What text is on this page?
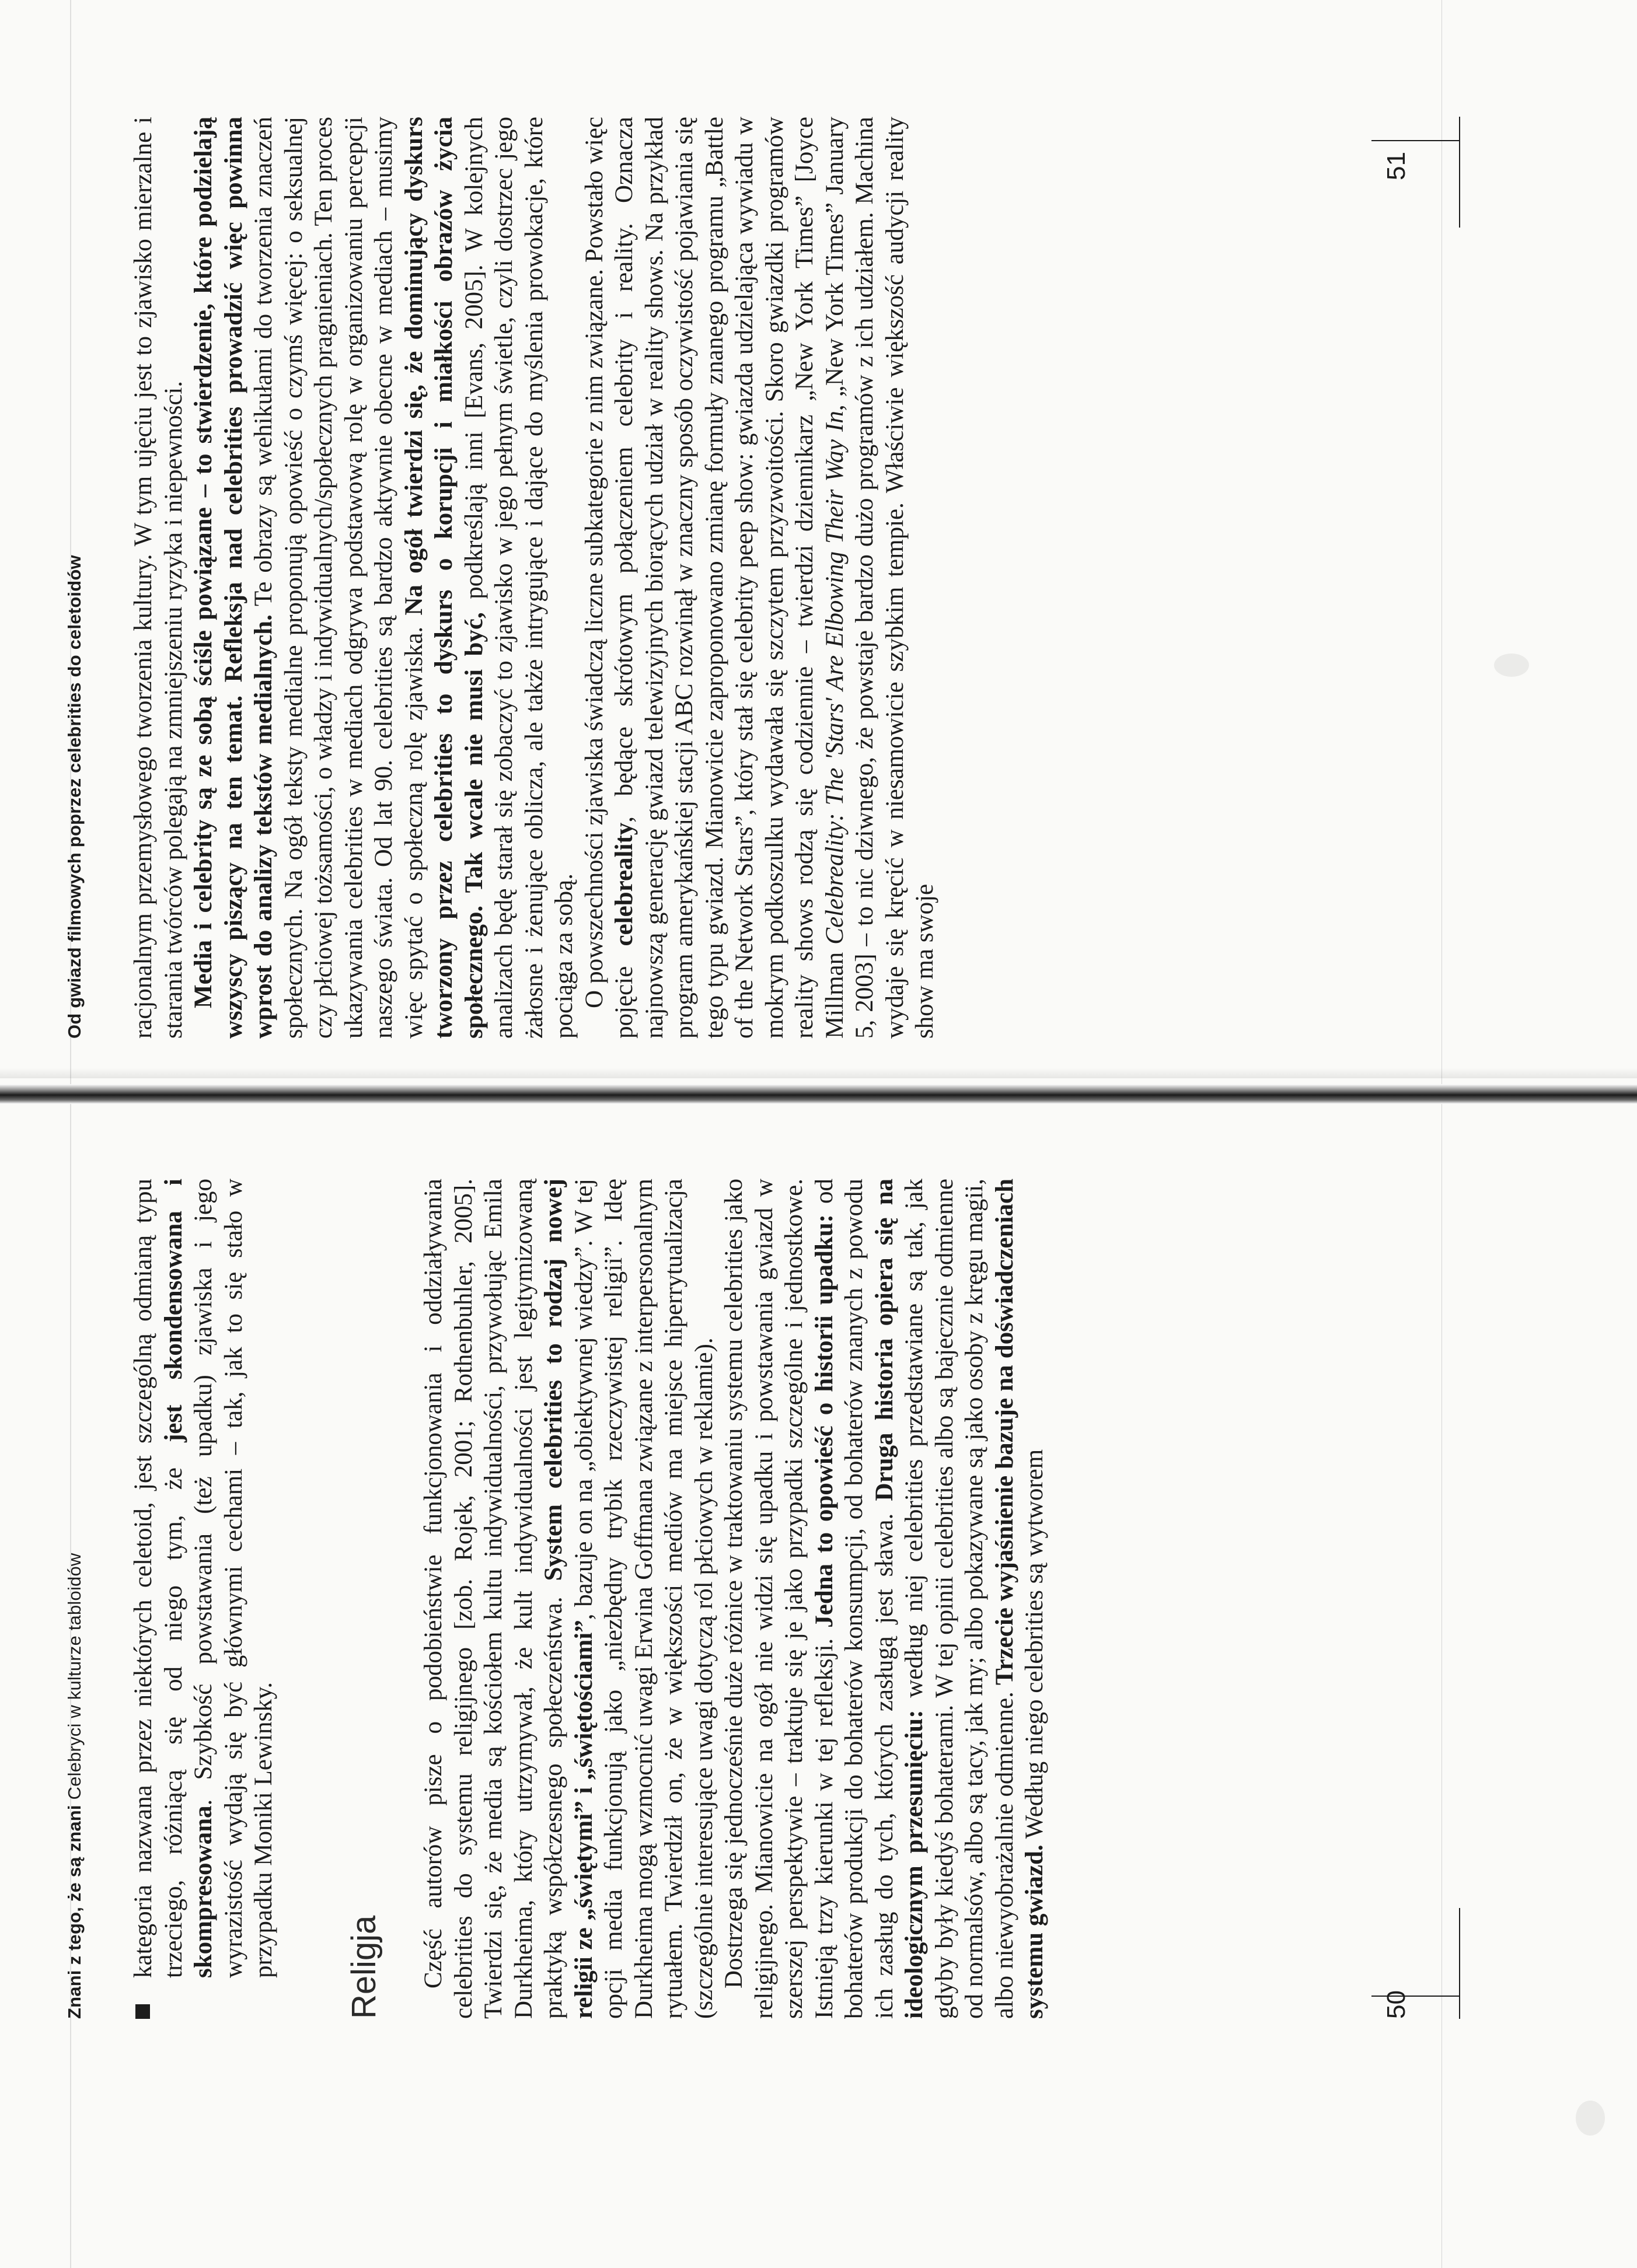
Znani z tego, że są znani Celebryci w kulturze tabloidów kategoria nazwana przez niektórych celetoid, jest szczególną odmianą typu trzeciego, różniącą się od niego tym, że jest skondensowana i skompresowana. Szybkość powstawania (też upadku) zjawiska i jego wyrazistość wydają się być głównymi cechami – tak, jak to się stało w przypadku Moniki Lewinsky. Religja Część autorów pisze o podobieństwie funkcjonowania i oddziaływania celebrities do systemu religijnego [zob. Rojek, 2001; Rothenbuhler, 2005]. Twierdzi się, że media są kościołem kultu indywidualności, przywołując Emila Durkheima, który utrzymywał, że kult indywidualności jest legitymizowaną praktyką współczesnego społeczeństwa. System celebrities to rodzaj nowej religii ze „świętymi” i „świętościami”, bazuje on na „obiektywnej wiedzy”. W tej opcji media funkcjonują jako „niezbędny trybik rzeczywistej religii”. Ideę Durkheima mogą wzmocnić uwagi Erwina Goffmana związane z interpersonalnym rytuałem. Twierdził on, że w większości mediów ma miejsce hiperrytualizacja (szczególnie interesujące uwagi dotyczą ról płciowych w reklamie). Dostrzega się jednocześnie duże różnice w traktowaniu systemu celebrities jako religijnego. Mianowicie na ogół nie widzi się upadku i powstawania gwiazd w szerszej perspektywie – traktuje się je jako przypadki szczególne i jednostkowe. Istnieją trzy kierunki w tej refleksji. Jedna to opowieść o historii upadku: od bohaterów produkcji do bohaterów konsumpcji, od bohaterów znanych z powodu ich zasług do tych, których zasługą jest sława. Druga historia opiera się na ideologicznym przesunięciu: według niej celebrities przedstawiane są tak, jak gdyby były kiedyś bohaterami. W tej opinii celebrities albo są bajecznie odmienne od normalsów, albo są tacy, jak my; albo pokazywane są jako osoby z kręgu magii, albo niewyobrażalnie odmienne. Trzecie wyjaśnienie bazuje na doświadczeniach systemu gwiazd. Według niego celebrities są wytworem

50
Od gwiazd filmowych poprzez celebrities do celetoidów racjonalnym przemysłowego tworzenia kultury. W tym ujęciu jest to zjawisko mierzalne i starania twórców polegają na zmniejszeniu ryzyka i niepewności. Media i celebrity są ze sobą ściśle powiązane – to stwierdzenie, które podzielają wszyscy piszący na ten temat. Refleksja nad celebrities prowadzić więc powinna wprost do analizy tekstów medialnych. Te obrazy są wehikułami do tworzenia znaczeń społecznych. Na ogół teksty medialne proponują opowieść o czymś więcej: o seksualnej czy płciowej tożsamości, o władzy i indywidualnych/społecznych pragnieniach. Ten proces ukazywania celebrities w mediach odgrywa podstawową rolę w organizowaniu percepcji naszego świata. Od lat 90. celebrities są bardzo aktywnie obecne w mediach – musimy więc spytać o społeczną rolę zjawiska. Na ogół twierdzi się, że dominujący dyskurs tworzony przez celebrities to dyskurs o korupcji i miałkości obrazów życia społecznego. Tak wcale nie musi być, podkreślają inni [Evans, 2005]. W kolejnych analizach będę starał się zobaczyć to zjawisko w jego pełnym świetle, czyli dostrzec jego żałosne i żenujące oblicza, ale także intrygujące i dające do myślenia prowokacje, które pociąga za sobą. O powszechności zjawiska świadczą liczne subkategorie z nim związane. Powstało więc pojęcie celebreality, będące skrótowym połączeniem celebrity i reality. Oznacza najnowszą generację gwiazd telewizyjnych biorących udział w reality shows. Na przykład program amerykańskiej stacji ABC rozwinął w znaczny sposób oczywistość pojawiania się tego typu gwiazd. Mianowicie zaproponowano zmianę formuły znanego programu „Battle of the Network Stars”, który stał się celebrity peep show: gwiazda udzielająca wywiadu w mokrym podkoszulku wydawała się szczytem przyzwoitości. Skoro gwiazdki programów reality shows rodzą się codziennie – twierdzi dziennikarz „New York Times” [Joyce Millman Celebreality: The 'Stars' Are Elbowing Their Way In, „New York Times” January 5, 2003] – to nic dziwnego, że powstaje bardzo dużo programów z ich udziałem. Machina wydaje się kręcić w niesamowicie szybkim tempie. Właściwie większość audycji reality show ma swoje

51
